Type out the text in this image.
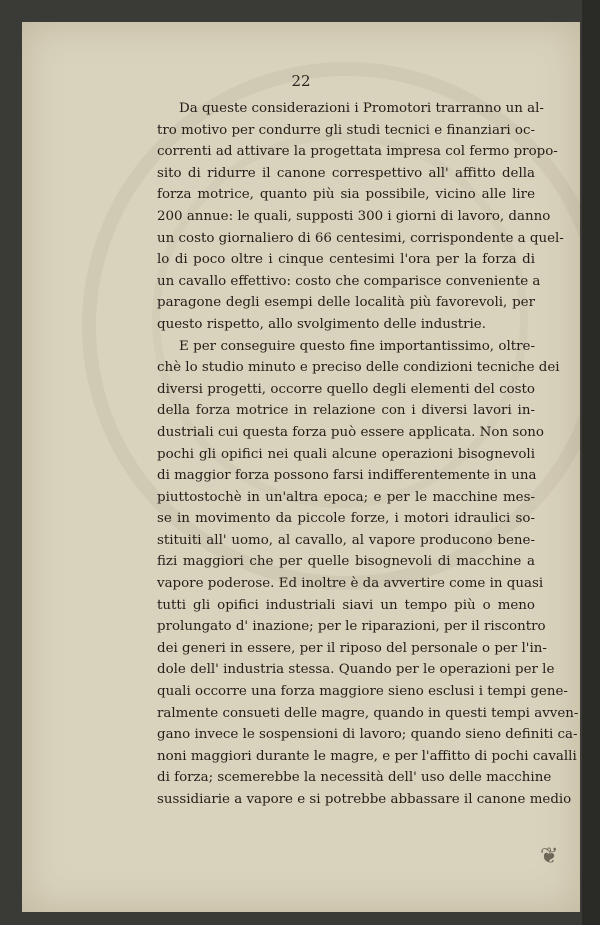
22
Da queste considerazioni i Promotori trarranno un al-
tro motivo per condurre gli studi tecnici e finanziari oc-
correnti ad attivare la progettata impresa col fermo propo-
sito di ridurre il canone correspettivo all' affitto della
forza motrice, quanto più sia possibile, vicino alle lire
200 annue: le quali, supposti 300 i giorni di lavoro, danno
un costo giornaliero di 66 centesimi, corrispondente a quel-
lo di poco oltre i cinque centesimi l'ora per la forza di
un cavallo effettivo: costo che comparisce conveniente a
paragone degli esempi delle località più favorevoli, per
questo rispetto, allo svolgimento delle industrie.
E per conseguire questo fine importantissimo, oltre-
chè lo studio minuto e preciso delle condizioni tecniche dei
diversi progetti, occorre quello degli elementi del costo
della forza motrice in relazione con i diversi lavori in-
dustriali cui questa forza può essere applicata. Non sono
pochi gli opifici nei quali alcune operazioni bisognevoli
di maggior forza possono farsi indifferentemente in una
piuttostochè in un'altra epoca; e per le macchine mes-
se in movimento da piccole forze, i motori idraulici so-
stituiti all' uomo, al cavallo, al vapore producono bene-
fizi maggiori che per quelle bisognevoli di macchine a
vapore poderose. Ed inoltre è da avvertire come in quasi
tutti gli opifici industriali siavi un tempo più o meno
prolungato d' inazione; per le riparazioni, per il riscontro
dei generi in essere, per il riposo del personale o per l'in-
dole dell' industria stessa. Quando per le operazioni per le
quali occorre una forza maggiore sieno esclusi i tempi gene-
ralmente consueti delle magre, quando in questi tempi avven-
gano invece le sospensioni di lavoro; quando sieno definiti ca-
noni maggiori durante le magre, e per l'affitto di pochi cavalli
di forza; scemerebbe la necessità dell' uso delle macchine
sussidiarie a vapore e si potrebbe abbassare il canone medio
❦
